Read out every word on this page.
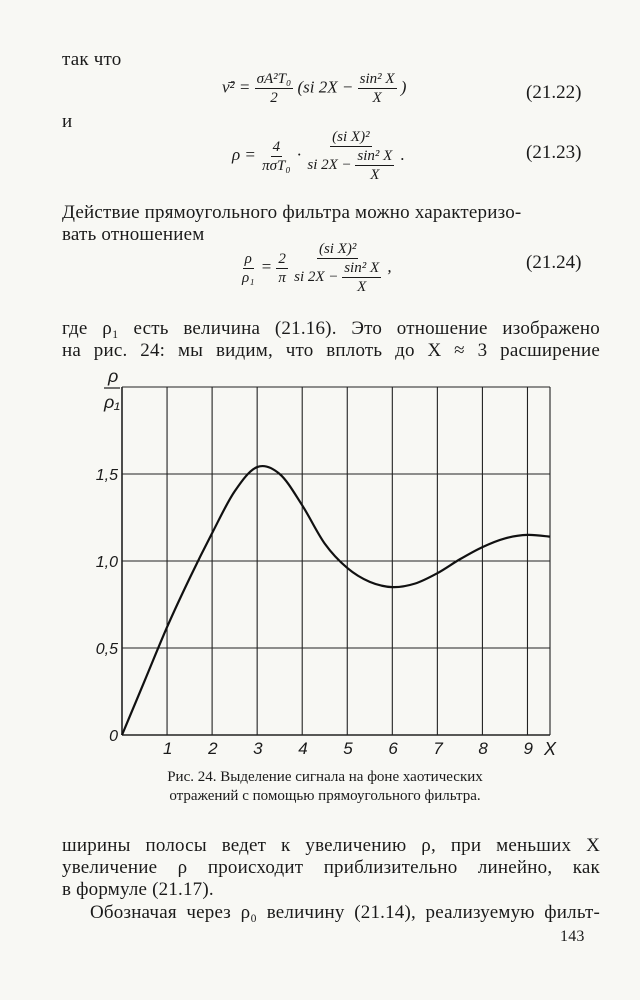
так что
ν̄² = $\frac{\text{σA²T₀}}{2} (si$ $2X - \frac{\text{sin² X}}{X}$ )	(21.22)
и
$\rho = \frac{4}{\text{πσT₀}} \cdot \frac{\text{(si X)²}}{si 2X - \frac{\text{sin² X}}{X}}$ .	(21.23)
Действие прямоугольного фильтра можно характеризо-
вать отношением
$\frac{\rho}{\text{ρ₁}} = \frac{2}{\pi}$
$\frac{\text{(si X)²}}{si 2X - \frac{\text{sin² X}}{X}}$ ,	(21.24)
где ρ₁ есть величина (21.16). Это отношение изображено
на рис. 24: мы видим, что вплоть до X ≈ 3 расширение
1 2 3 4 5 6 7 8 9
0
0,5
1,0
1,5
ρ
ρ₁
X
Рис. 24. Выделение сигнала на фоне хаотических
отражений с помощью прямоугольного фильтра.
ширины полосы ведет к увеличению ρ, при меньших X
увеличение ρ происходит приблизительно линейно, как
в формуле (21.17).
Обозначая через ρ₀ величину (21.14), реализуемую фильт-
143
